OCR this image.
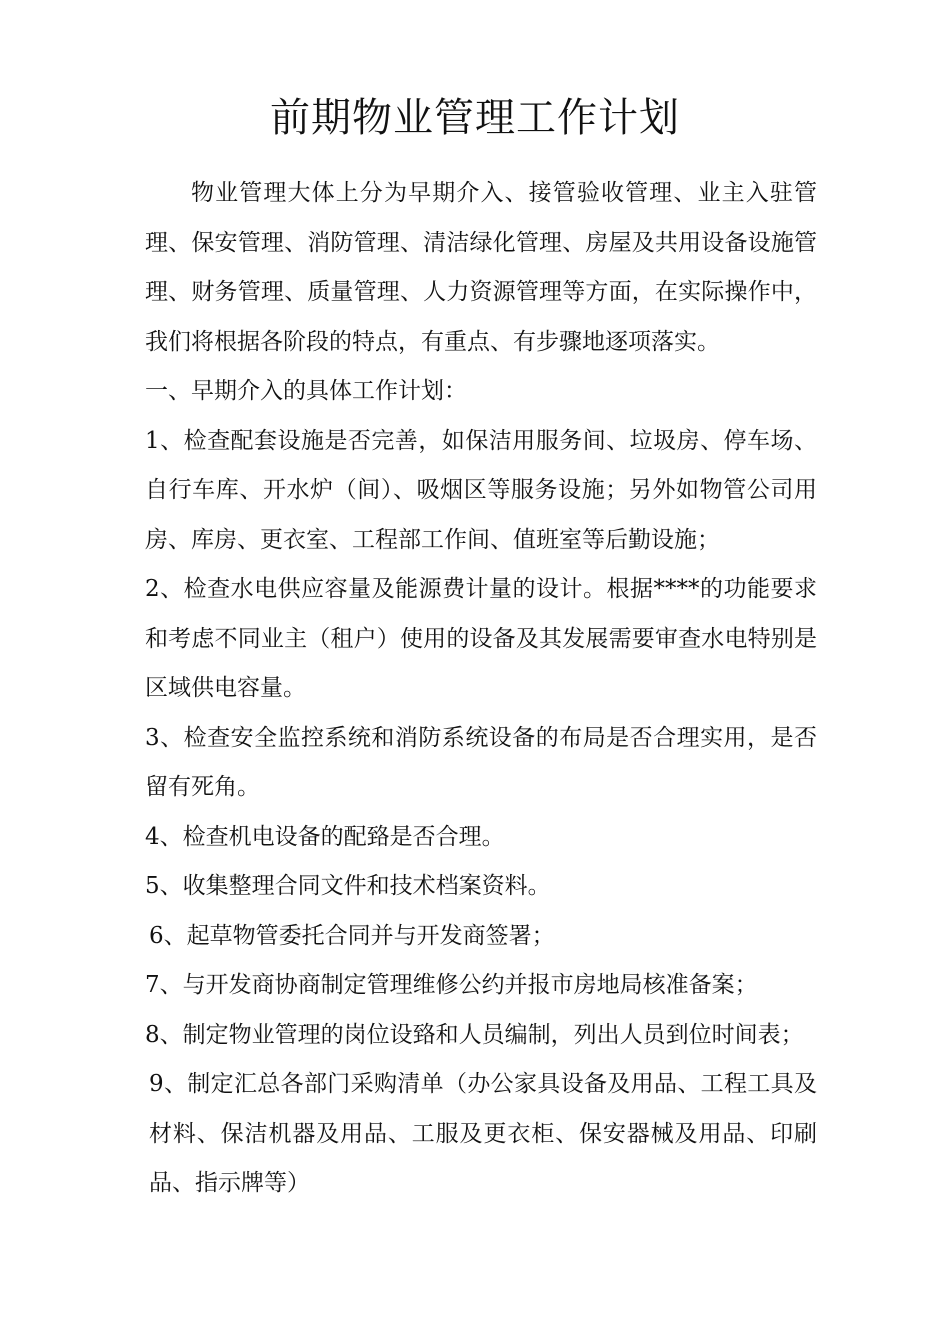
前期物业管理工作计划

物业管理大体上分为早期介入、接管验收管理、业主入驻管理、保安管理、消防管理、清洁绿化管理、房屋及共用设备设施管理、财务管理、质量管理、人力资源管理等方面，在实际操作中，我们将根据各阶段的特点，有重点、有步骤地逐项落实。

一、早期介入的具体工作计划：

1、检查配套设施是否完善，如保洁用服务间、垃圾房、停车场、自行车库、开水炉（间）、吸烟区等服务设施；另外如物管公司用房、库房、更衣室、工程部工作间、值班室等后勤设施；

2、检查水电供应容量及能源费计量的设计。根据****的功能要求和考虑不同业主（租户）使用的设备及其发展需要审查水电特别是区域供电容量。

3、检查安全监控系统和消防系统设备的布局是否合理实用，是否留有死角。

4、检查机电设备的配臵是否合理。

5、收集整理合同文件和技术档案资料。

6、起草物管委托合同并与开发商签署；

7、与开发商协商制定管理维修公约并报市房地局核准备案；

8、制定物业管理的岗位设臵和人员编制，列出人员到位时间表；

9、制定汇总各部门采购清单（办公家具设备及用品、工程工具及材料、保洁机器及用品、工服及更衣柜、保安器械及用品、印刷品、指示牌等）
